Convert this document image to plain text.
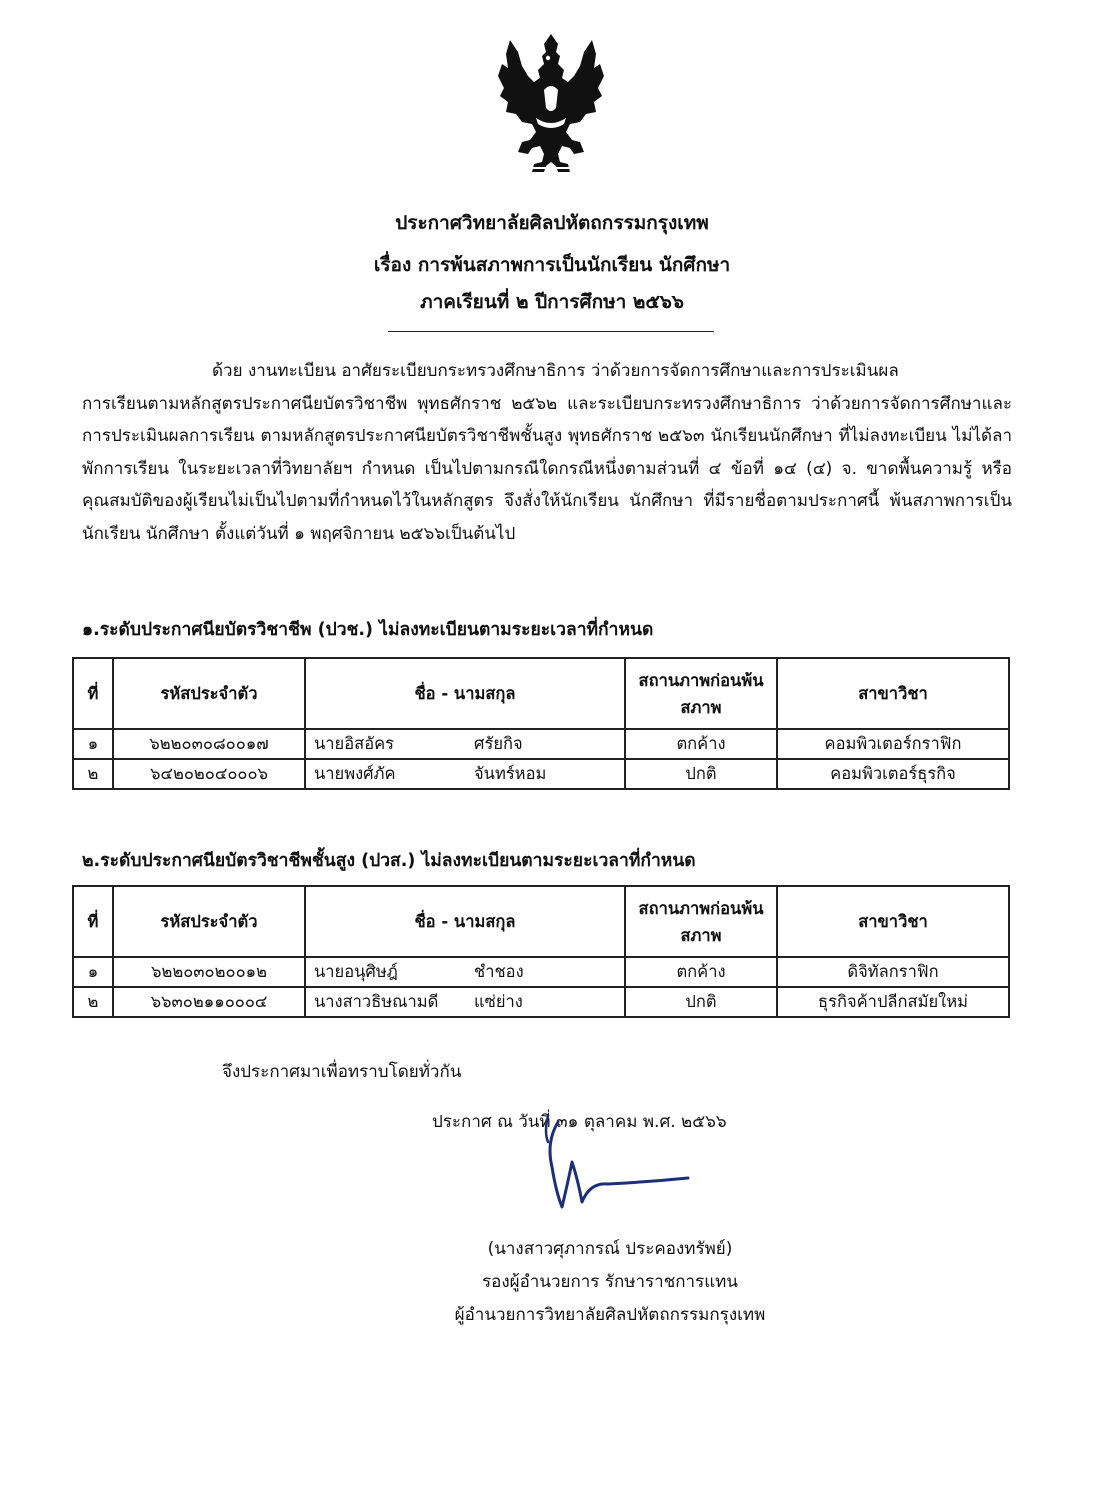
ประกาศวิทยาลัยศิลปหัตถกรรมกรุงเทพ
เรื่อง การพ้นสภาพการเป็นนักเรียน นักศึกษา
ภาคเรียนที่ ๒ ปีการศึกษา ๒๕๖๖
ด้วย งานทะเบียน อาศัยระเบียบกระทรวงศึกษาธิการ ว่าด้วยการจัดการศึกษาและการประเมินผล
การเรียนตามหลักสูตรประกาศนียบัตรวิชาชีพ พุทธศักราช ๒๕๖๒ และระเบียบกระทรวงศึกษาธิการ ว่าด้วยการจัดการศึกษาและการประเมินผลการเรียน ตามหลักสูตรประกาศนียบัตรวิชาชีพชั้นสูง พุทธศักราช ๒๕๖๓ นักเรียนนักศึกษา ที่ไม่ลงทะเบียน ไม่ได้ลาพักการเรียน ในระยะเวลาที่วิทยาลัยฯ กำหนด เป็นไปตามกรณีใดกรณีหนึ่งตามส่วนที่ ๔ ข้อที่ ๑๔ (๔) จ. ขาดพื้นความรู้ หรือคุณสมบัติของผู้เรียนไม่เป็นไปตามที่กำหนดไว้ในหลักสูตร จึงสั่งให้นักเรียน นักศึกษา ที่มีรายชื่อตามประกาศนี้ พ้นสภาพการเป็นนักเรียน นักศึกษา ตั้งแต่วันที่ ๑ พฤศจิกายน ๒๕๖๖เป็นต้นไป
๑.ระดับประกาศนียบัตรวิชาชีพ (ปวช.) ไม่ลงทะเบียนตามระยะเวลาที่กำหนด
ที่	รหัสประจำตัว	ชื่อ - นามสกุล	สถานภาพก่อนพ้นสภาพ	สาขาวิชา
๑	๖๒๒๐๓๐๘๐๐๑๗	นายอิสอัคร ศรัยกิจ	ตกค้าง	คอมพิวเตอร์กราฟิก
๒	๖๔๒๐๒๐๔๐๐๐๖	นายพงศ์ภัค จันทร์หอม	ปกติ	คอมพิวเตอร์ธุรกิจ
๒.ระดับประกาศนียบัตรวิชาชีพชั้นสูง (ปวส.) ไม่ลงทะเบียนตามระยะเวลาที่กำหนด
ที่	รหัสประจำตัว	ชื่อ - นามสกุล	สถานภาพก่อนพ้นสภาพ	สาขาวิชา
๑	๖๒๒๐๓๐๒๐๐๑๒	นายอนุศิษฎ์ ชำชอง	ตกค้าง	ดิจิทัลกราฟิก
๒	๖๖๓๐๒๑๑๐๐๐๔	นางสาวธิษณามดี แซ่ย่าง	ปกติ	ธุรกิจค้าปลีกสมัยใหม่
จึงประกาศมาเพื่อทราบโดยทั่วกัน
ประกาศ ณ วันที่ ๓๑ ตุลาคม พ.ศ. ๒๕๖๖
(นางสาวศุภากรณ์ ประคองทรัพย์)
รองผู้อำนวยการ รักษาราชการแทน
ผู้อำนวยการวิทยาลัยศิลปหัตถกรรมกรุงเทพ
